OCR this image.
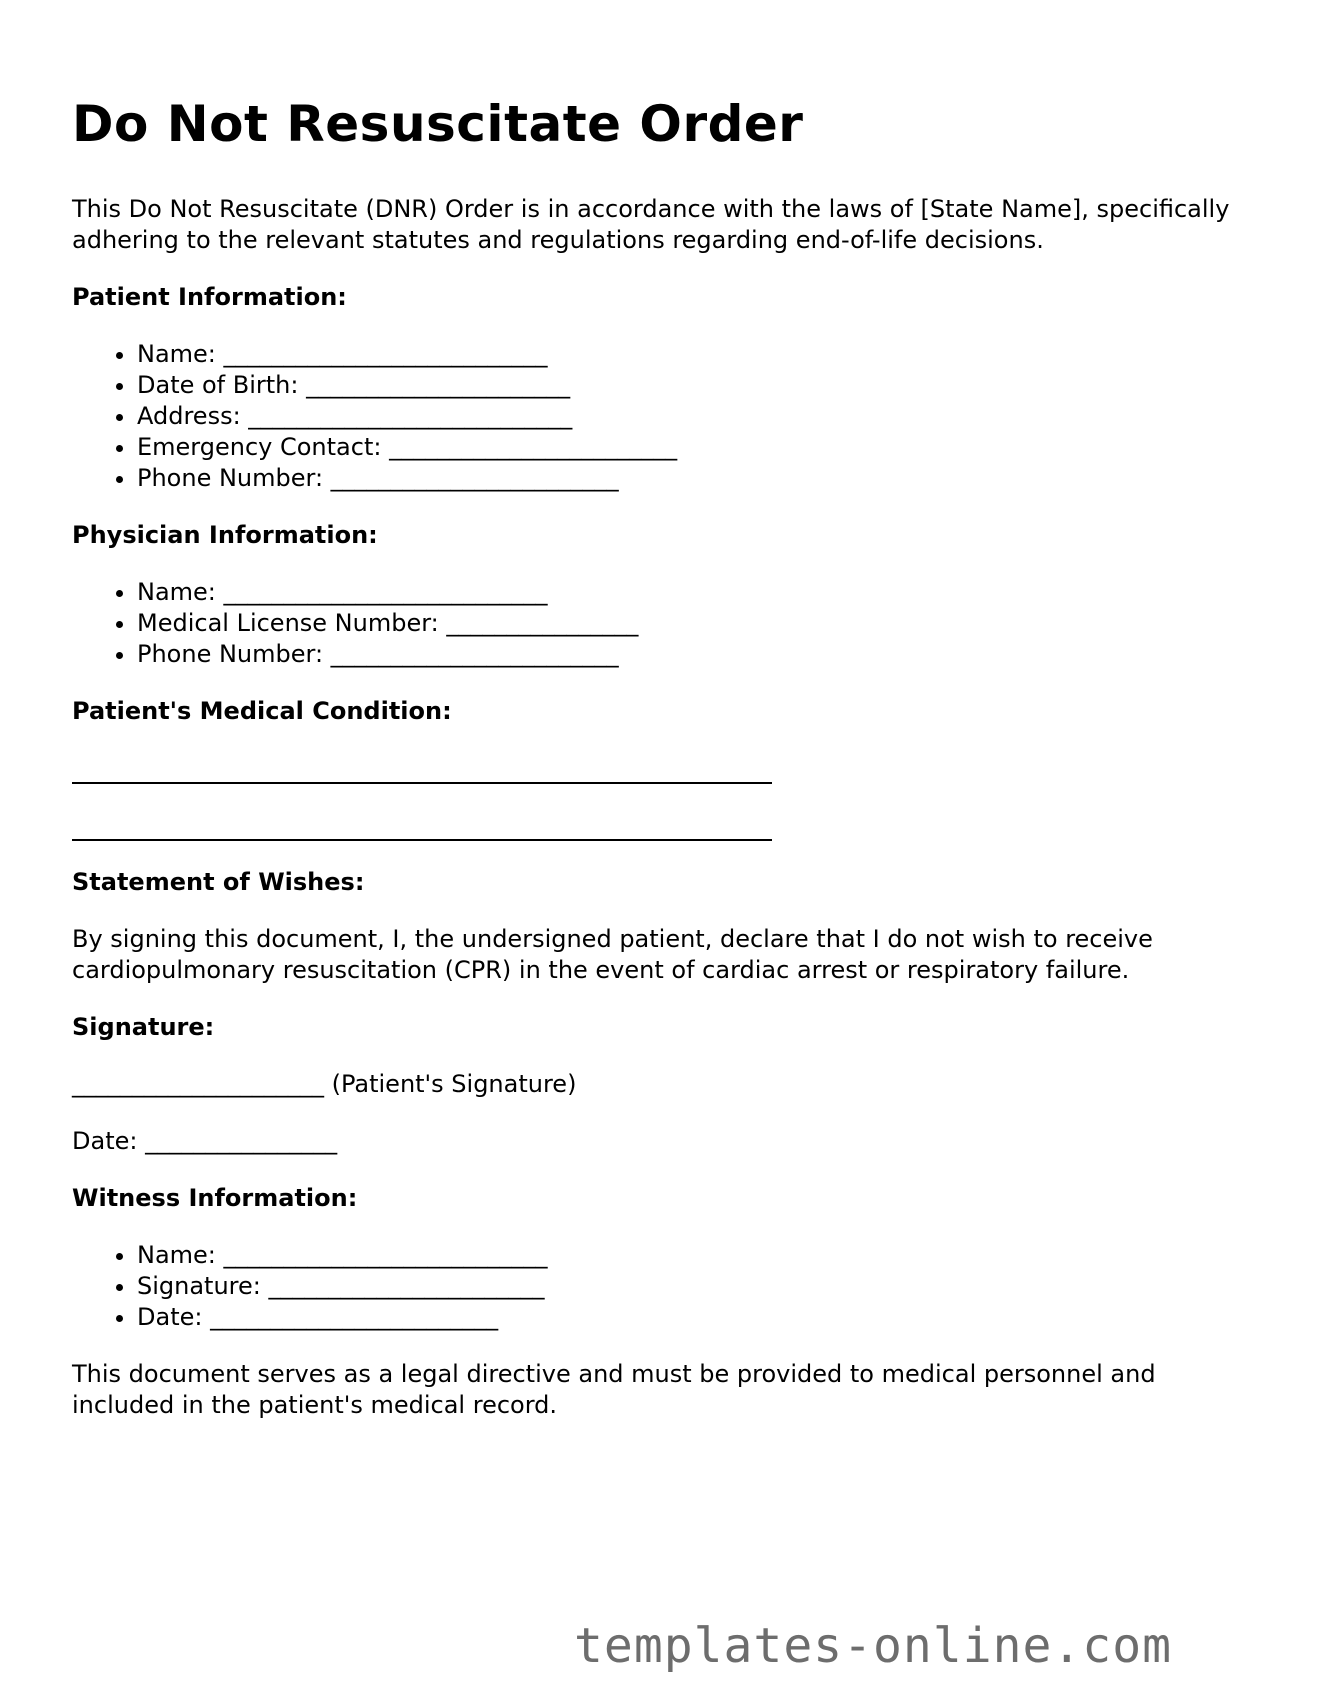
Do Not Resuscitate Order

This Do Not Resuscitate (DNR) Order is in accordance with the laws of [State Name], specifically adhering to the relevant statutes and regulations regarding end-of-life decisions.

Patient Information:
• Name: ___________________________
• Date of Birth: ______________________
• Address: ___________________________
• Emergency Contact: ________________________
• Phone Number: ________________________
Physician Information:
• Name: ___________________________
• Medical License Number: ________________
• Phone Number: ________________________
Patient's Medical Condition:
Statement of Wishes:

By signing this document, I, the undersigned patient, declare that I do not wish to receive cardiopulmonary resuscitation (CPR) in the event of cardiac arrest or respiratory failure.

Signature:

_____________________ (Patient's Signature)

Date: ________________

Witness Information:
• Name: ___________________________
• Signature: _______________________
• Date: ________________________

This document serves as a legal directive and must be provided to medical personnel and included in the patient's medical record.

templates-online.com
